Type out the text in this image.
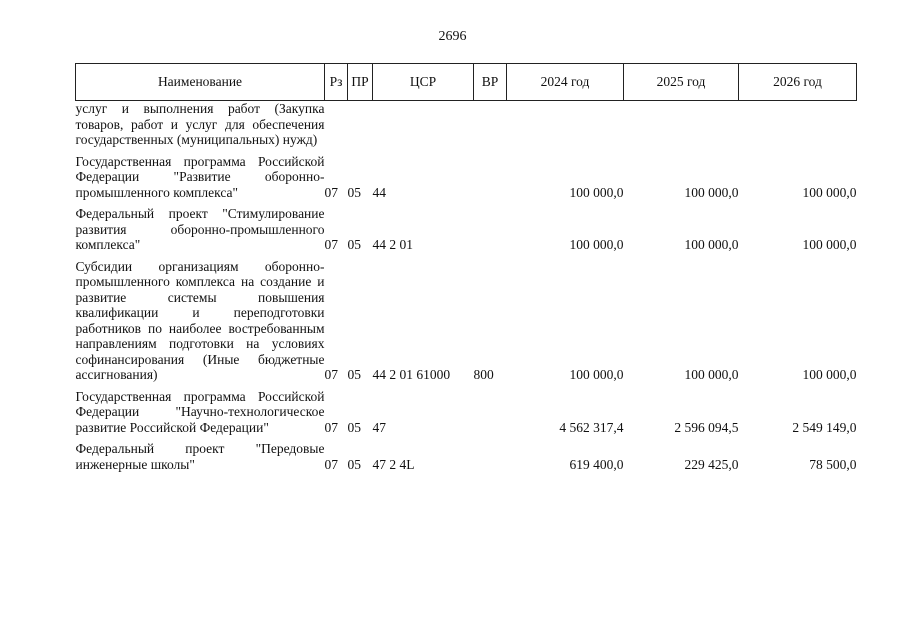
2696
Наименование	Рз	ПР	ЦСР	ВР	2024 год	2025 год	2026 год
услуг и выполнения работ (Закупка товаров, работ и услуг для обеспечения государственных (муниципальных) нужд)							
Государственная программа Российской Федерации "Развитие оборонно-промышленного комплекса"	07	05	44		100 000,0	100 000,0	100 000,0
Федеральный проект "Стимулирование развития оборонно-промышленного комплекса"	07	05	44 2 01		100 000,0	100 000,0	100 000,0
Субсидии организациям оборонно-промышленного комплекса на создание и развитие системы повышения квалификации и переподготовки работников по наиболее востребованным направлениям подготовки на условиях софинансирования (Иные бюджетные ассигнования)	07	05	44 2 01 61000	800	100 000,0	100 000,0	100 000,0
Государственная программа Российской Федерации "Научно-технологическое развитие Российской Федерации"	07	05	47		4 562 317,4	2 596 094,5	2 549 149,0
Федеральный проект "Передовые инженерные школы"	07	05	47 2 4L		619 400,0	229 425,0	78 500,0
